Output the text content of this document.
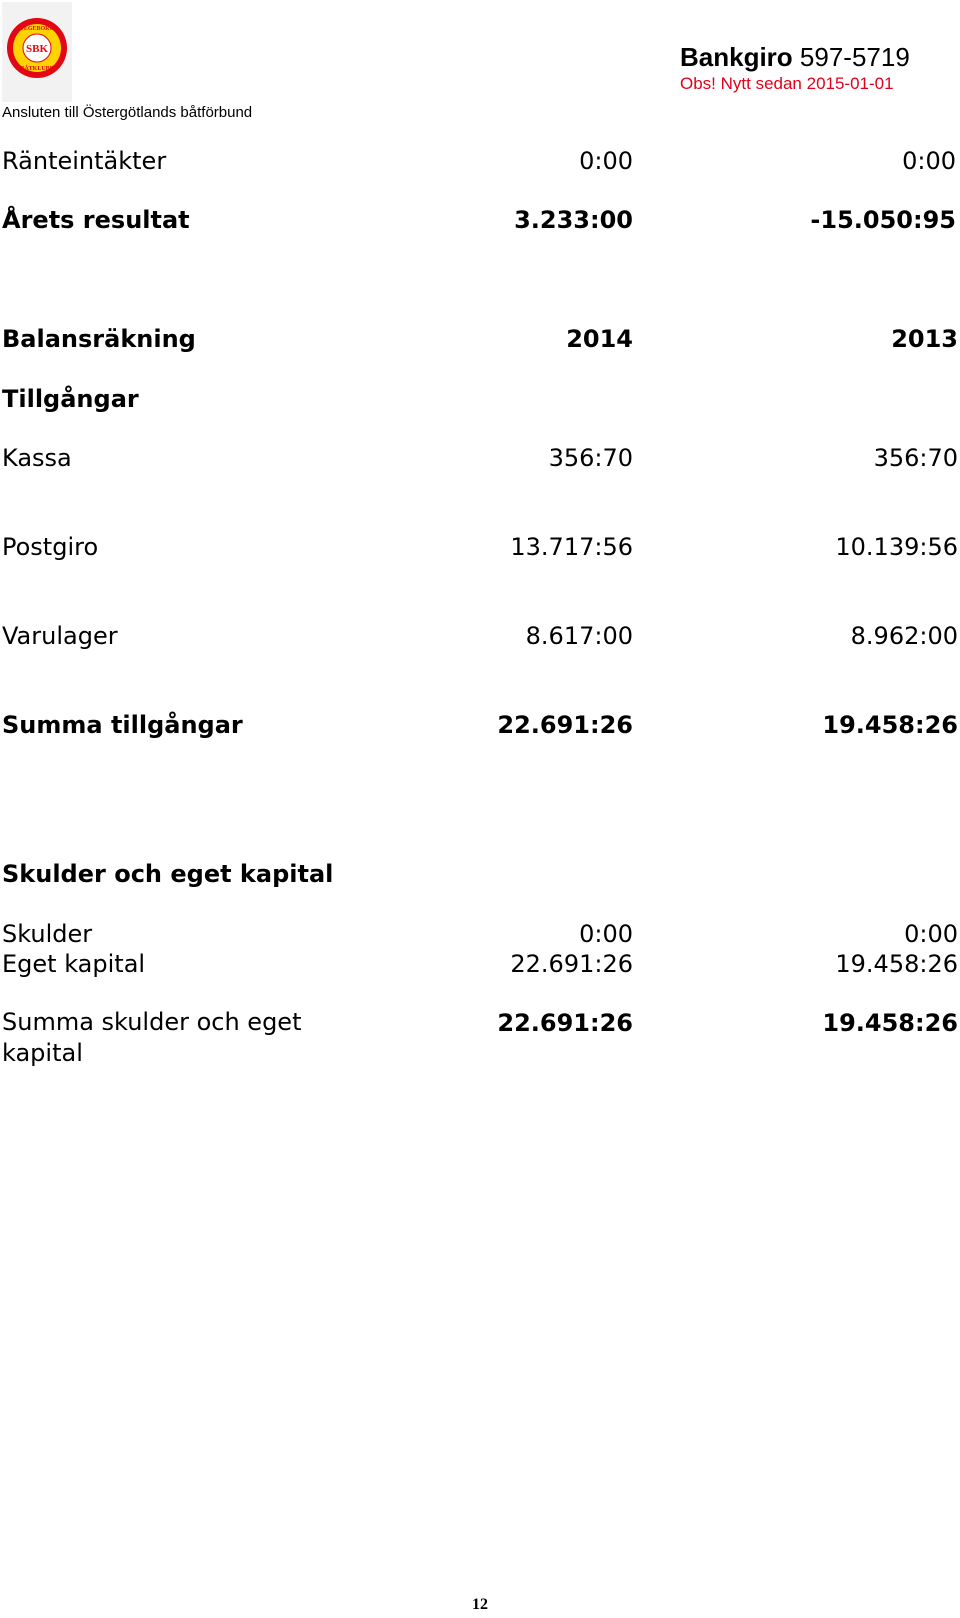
STEGEBORGS
SBK
BÅTKLUBB
Ansluten till Östergötlands båtförbund
Bankgiro 597-5719
Obs! Nytt sedan 2015-01-01
Ränteintäkter	0:00	0:00
Årets resultat	3.233:00	-15.050:95
Balansräkning	2014	2013
Tillgångar
Kassa	356:70	356:70
Postgiro	13.717:56	10.139:56
Varulager	8.617:00	8.962:00
Summa tillgångar	22.691:26	19.458:26
Skulder och eget kapital
Skulder	0:00	0:00
Eget kapital	22.691:26	19.458:26
Summa skulder och eget kapital
22.691:26	19.458:26
12
